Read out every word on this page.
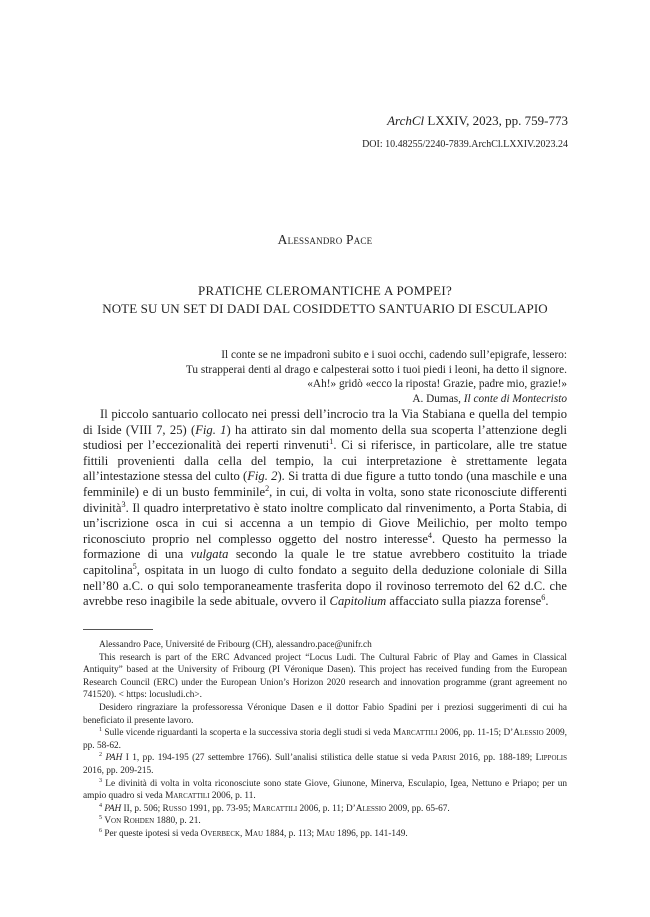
ArchCl LXXIV, 2023, pp. 759-773
DOI: 10.48255/2240-7839.ArchCl.LXXIV.2023.24
Alessandro Pace
PRATICHE CLEROMANTICHE A POMPEI?
NOTE SU UN SET DI DADI DAL COSIDDETTO SANTUARIO DI ESCULAPIO
Il conte se ne impadronì subito e i suoi occhi, cadendo sull’epigrafe, lessero:
Tu strapperai denti al drago e calpesterai sotto i tuoi piedi i leoni, ha detto il signore.
«Ah!» gridò «ecco la riposta! Grazie, padre mio, grazie!»
A. Dumas, Il conte di Montecristo
Il piccolo santuario collocato nei pressi dell’incrocio tra la Via Stabiana e quella del tempio di Iside (VIII 7, 25) (Fig. 1) ha attirato sin dal momento della sua scoperta l’attenzione degli studiosi per l’eccezionalità dei reperti rinvenuti$^1$. Ci si riferisce, in particolare, alle tre statue fittili provenienti dalla cella del tempio, la cui interpretazione è strettamente legata all’intestazione stessa del culto (Fig. 2). Si tratta di due figure a tutto tondo (una maschile e una femminile) e di un busto femminile$^2$, in cui, di volta in volta, sono state riconosciute differenti divinità$^3$. Il quadro interpretativo è stato inoltre complicato dal rinvenimento, a Porta Stabia, di un’iscrizione osca in cui si accenna a un tempio di Giove Meilichio, per molto tempo riconosciuto proprio nel complesso oggetto del nostro interesse$^4$. Questo ha permesso la formazione di una vulgata secondo la quale le tre statue avrebbero costituito la triade capitolina$^5$, ospitata in un luogo di culto fondato a seguito della deduzione coloniale di Silla nell’80 a.C. o qui solo temporaneamente trasferita dopo il rovinoso terremoto del 62 d.C. che avrebbe reso inagibile la sede abituale, ovvero il Capitolium affacciato sulla piazza forense$^6$.

Alessandro Pace, Université de Fribourg (CH), alessandro.pace@unifr.ch

This research is part of the ERC Advanced project “Locus Ludi. The Cultural Fabric of Play and Games in Classical Antiquity” based at the University of Fribourg (PI Véronique Dasen). This project has received funding from the European Research Council (ERC) under the European Union’s Horizon 2020 research and innovation programme (grant agreement no 741520). < https: locusludi.ch>.

Desidero ringraziare la professoressa Véronique Dasen e il dottor Fabio Spadini per i preziosi suggerimenti di cui ha beneficiato il presente lavoro.

$^1$ Sulle vicende riguardanti la scoperta e la successiva storia degli studi si veda Marcattili 2006, pp. 11-15; D’Alessio 2009, pp. 58-62.

$^2$ PAH I 1, pp. 194-195 (27 settembre 1766). Sull’analisi stilistica delle statue si veda Parisi 2016, pp. 188-189; Lippolis 2016, pp. 209-215.

$^3$ Le divinità di volta in volta riconosciute sono state Giove, Giunone, Minerva, Esculapio, Igea, Nettuno e Priapo; per un ampio quadro si veda Marcattili 2006, p. 11.

$^4$ PAH II, p. 506; Russo 1991, pp. 73-95; Marcattili 2006, p. 11; D’Alessio 2009, pp. 65-67.

$^5$ Von Rohden 1880, p. 21.

$^6$ Per queste ipotesi si veda Overbeck, Mau 1884, p. 113; Mau 1896, pp. 141-149.
